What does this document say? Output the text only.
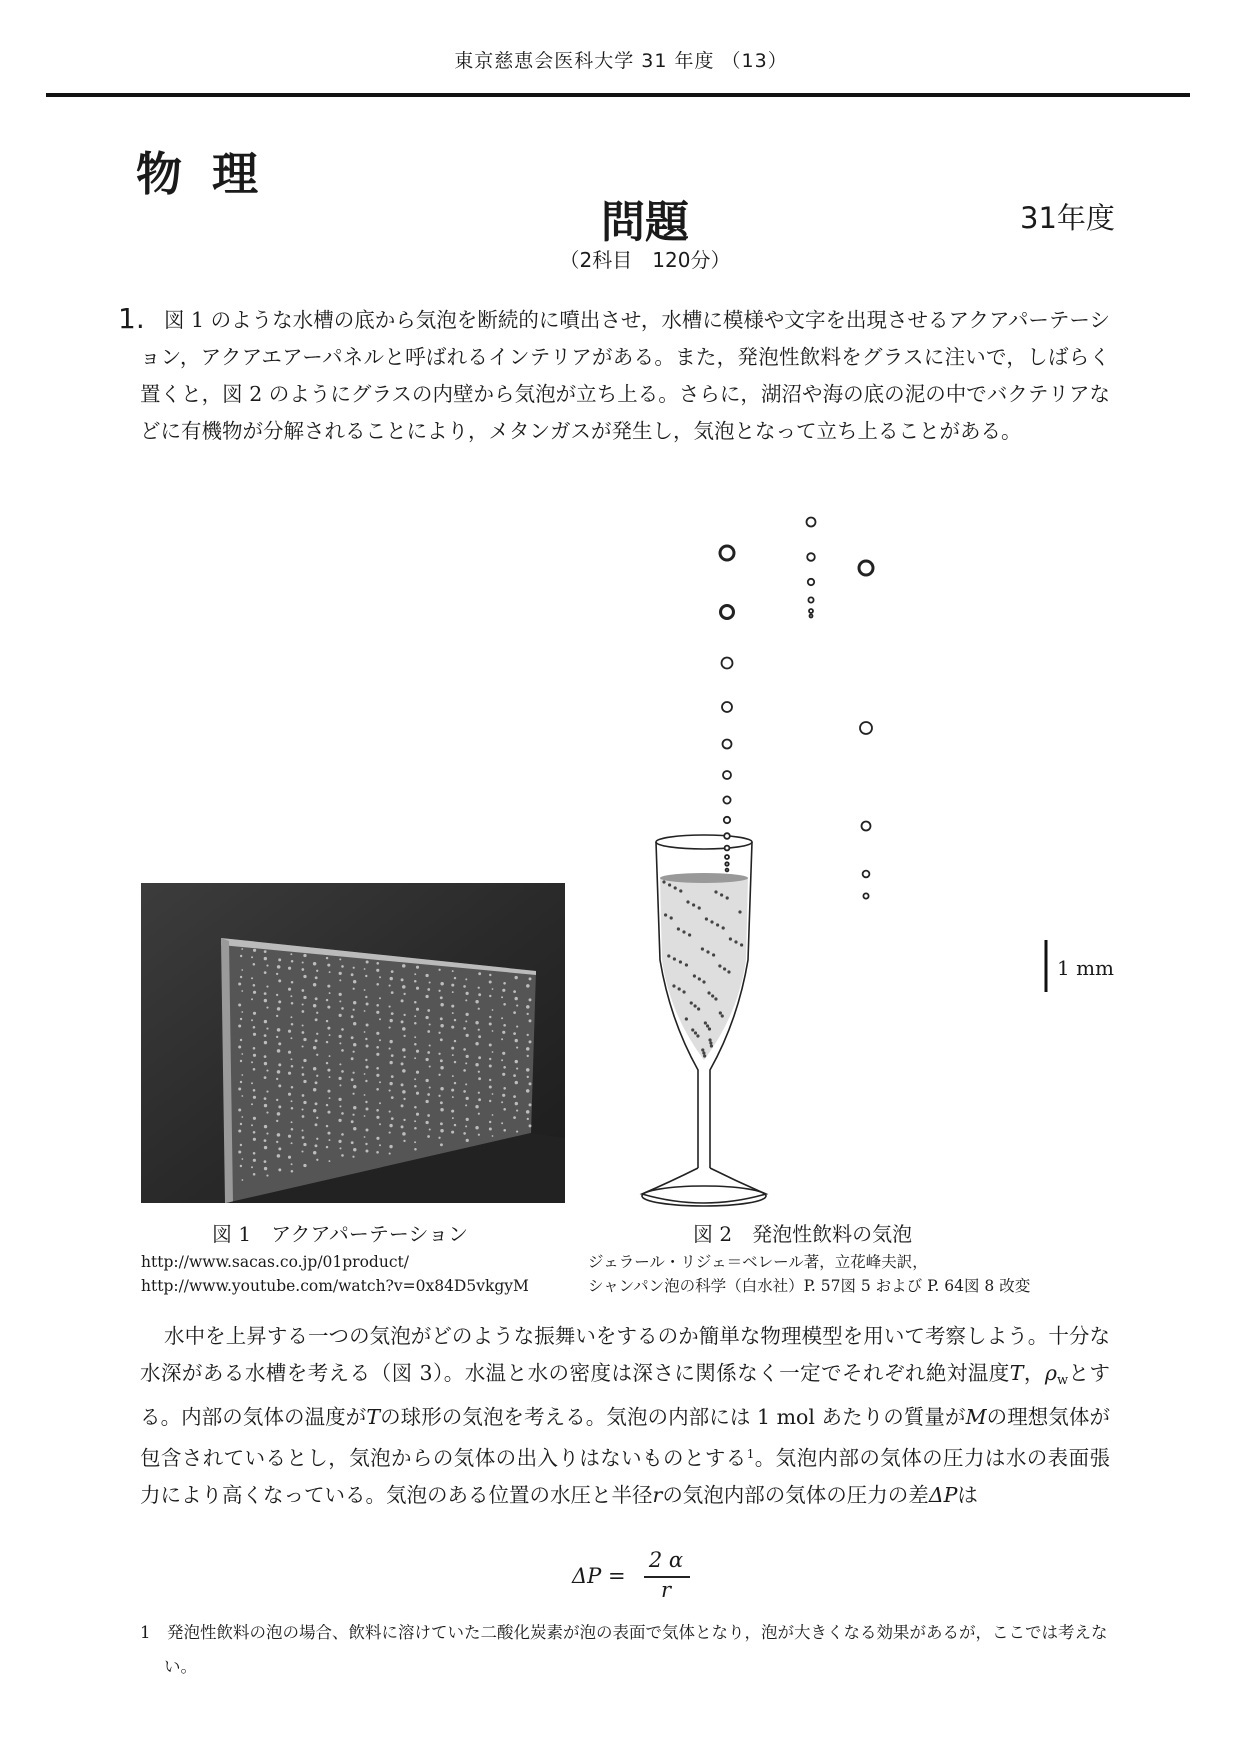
東京慈恵会医科大学 31 年度 （13）
物理
問題	31年度
（2科目　120分）
1. 図 1 のような水槽の底から気泡を断続的に噴出させ，水槽に模様や文字を出現させるアクアパーテーション，アクアエアーパネルと呼ばれるインテリアがある。また，発泡性飲料をグラスに注いで，しばらく置くと，図 2 のようにグラスの内壁から気泡が立ち上る。さらに，湖沼や海の底の泥の中でバクテリアなどに有機物が分解されることにより，メタンガスが発生し，気泡となって立ち上ることがある。
1 mm
図 1　アクアパーテーション	図 2　発泡性飲料の気泡
http://www.sacas.co.jp/01product/
http://www.youtube.com/watch?v=0x84D5vkgyM
ジェラール・リジェ＝ベレール著，立花峰夫訳，
シャンパン泡の科学（白水社）P. 57図 5 および P. 64図 8 改変
水中を上昇する一つの気泡がどのような振舞いをするのか簡単な物理模型を用いて考察しよう。十分な水深がある水槽を考える（図 3）。水温と水の密度は深さに関係なく一定でそれぞれ絶対温度T，$\rho_w$とする。内部の気体の温度がTの球形の気泡を考える。気泡の内部には 1 mol あたりの質量がMの理想気体が包含されているとし，気泡からの気体の出入りはないものとする$^1$。気泡内部の気体の圧力は水の表面張力により高くなっている。気泡のある位置の水圧と半径rの気泡内部の気体の圧力の差ΔPは
ΔP =
2 α
r
1　 発泡性飲料の泡の場合、飲料に溶けていた二酸化炭素が泡の表面で気体となり，泡が大きくなる効果があるが，ここでは考えない。
